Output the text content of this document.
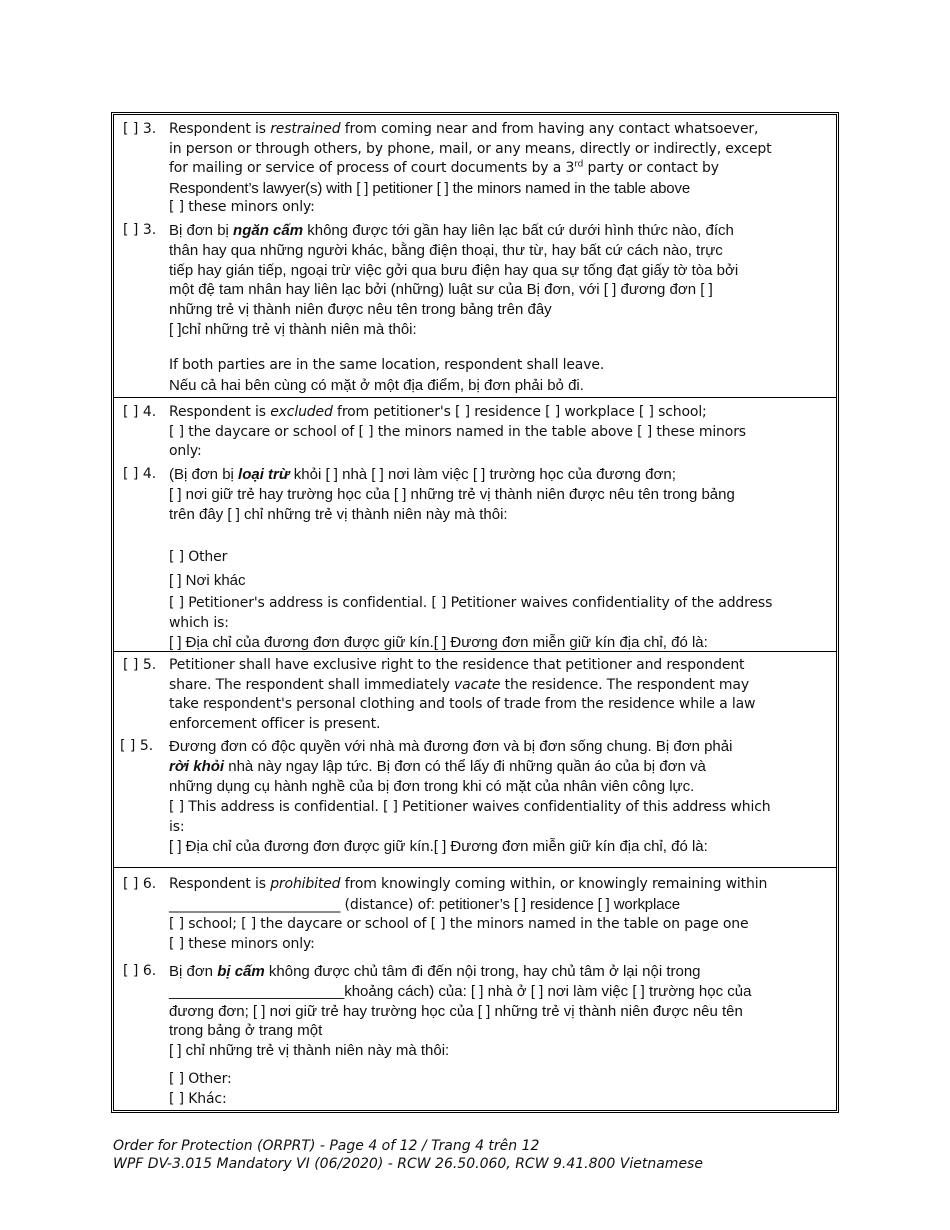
[ ] 3. Respondent is restrained from coming near and from having any contact whatsoever,
in person or through others, by phone, mail, or any means, directly or indirectly, except
for mailing or service of process of court documents by a 3rd party or contact by
Respondent’s lawyer(s) with [ ] petitioner [ ] the minors named in the table above
[ ] these minors only:
[ ] 3. Bị đơn bị ngăn cấm không được tới gần hay liên lạc bất cứ dưới hình thức nào, đích
thân hay qua những người khác, bằng điện thoại, thư từ, hay bất cứ cách nào, trực
tiếp hay gián tiếp, ngoại trừ việc gởi qua bưu điện hay qua sự tống đạt giấy tờ tòa bởi
một đệ tam nhân hay liên lạc bởi (những) luật sư của Bị đơn, với [ ] đương đơn [ ]
những trẻ vị thành niên được nêu tên trong bảng trên đây
[ ]chỉ những trẻ vị thành niên mà thôi:
If both parties are in the same location, respondent shall leave.
Nếu cả hai bên cùng có mặt ở một địa điểm, bị đơn phải bỏ đi.
[ ] 4. Respondent is excluded from petitioner's [ ] residence [ ] workplace [ ] school;
[ ] the daycare or school of [ ] the minors named in the table above [ ] these minors
only:
[ ] 4. (Bị đơn bị loại trừ khỏi [ ] nhà [ ] nơi làm việc [ ] trường học của đương đơn;
[ ] nơi giữ trẻ hay trường học của [ ] những trẻ vị thành niên được nêu tên trong bảng
trên đây [ ] chỉ những trẻ vị thành niên này mà thôi:
[ ] Other
[ ] Nơi khác
[ ] Petitioner's address is confidential. [ ] Petitioner waives confidentiality of the address
which is:
[ ] Địa chỉ của đương đơn được giữ kín.[ ] Đương đơn miễn giữ kín địa chỉ, đó là:
[ ] 5. Petitioner shall have exclusive right to the residence that petitioner and respondent
share. The respondent shall immediately vacate the residence. The respondent may
take respondent's personal clothing and tools of trade from the residence while a law
enforcement officer is present.
[ ] 5. Đương đơn có độc quyền với nhà mà đương đơn và bị đơn sống chung. Bị đơn phải
rời khỏi nhà này ngay lập tức. Bị đơn có thể lấy đi những quần áo của bị đơn và
những dụng cụ hành nghề của bị đơn trong khi có mặt của nhân viên công lực.
[ ] This address is confidential. [ ] Petitioner waives confidentiality of this address which
is:
[ ] Địa chỉ của đương đơn được giữ kín.[ ] Đương đơn miễn giữ kín địa chỉ, đó là:
[ ] 6. Respondent is prohibited from knowingly coming within, or knowingly remaining within
_________________________ (distance) of: petitioner’s [ ] residence [ ] workplace
[ ] school; [ ] the daycare or school of [ ] the minors named in the table on page one
[ ] these minors only:
[ ] 6. Bị đơn bị cấm không được chủ tâm đi đến nội trong, hay chủ tâm ở lại nội trong
_____________________khoảng cách) của: [ ] nhà ở [ ] nơi làm việc [ ] trường học của
đương đơn; [ ] nơi giữ trẻ hay trường học của [ ] những trẻ vị thành niên được nêu tên
trong bảng ở trang một
[ ] chỉ những trẻ vị thành niên này mà thôi:
[ ] Other:
[ ] Khác:
Order for Protection (ORPRT) - Page 4 of 12 / Trang 4 trên 12
WPF DV-3.015 Mandatory VI (06/2020) - RCW 26.50.060, RCW 9.41.800 Vietnamese
